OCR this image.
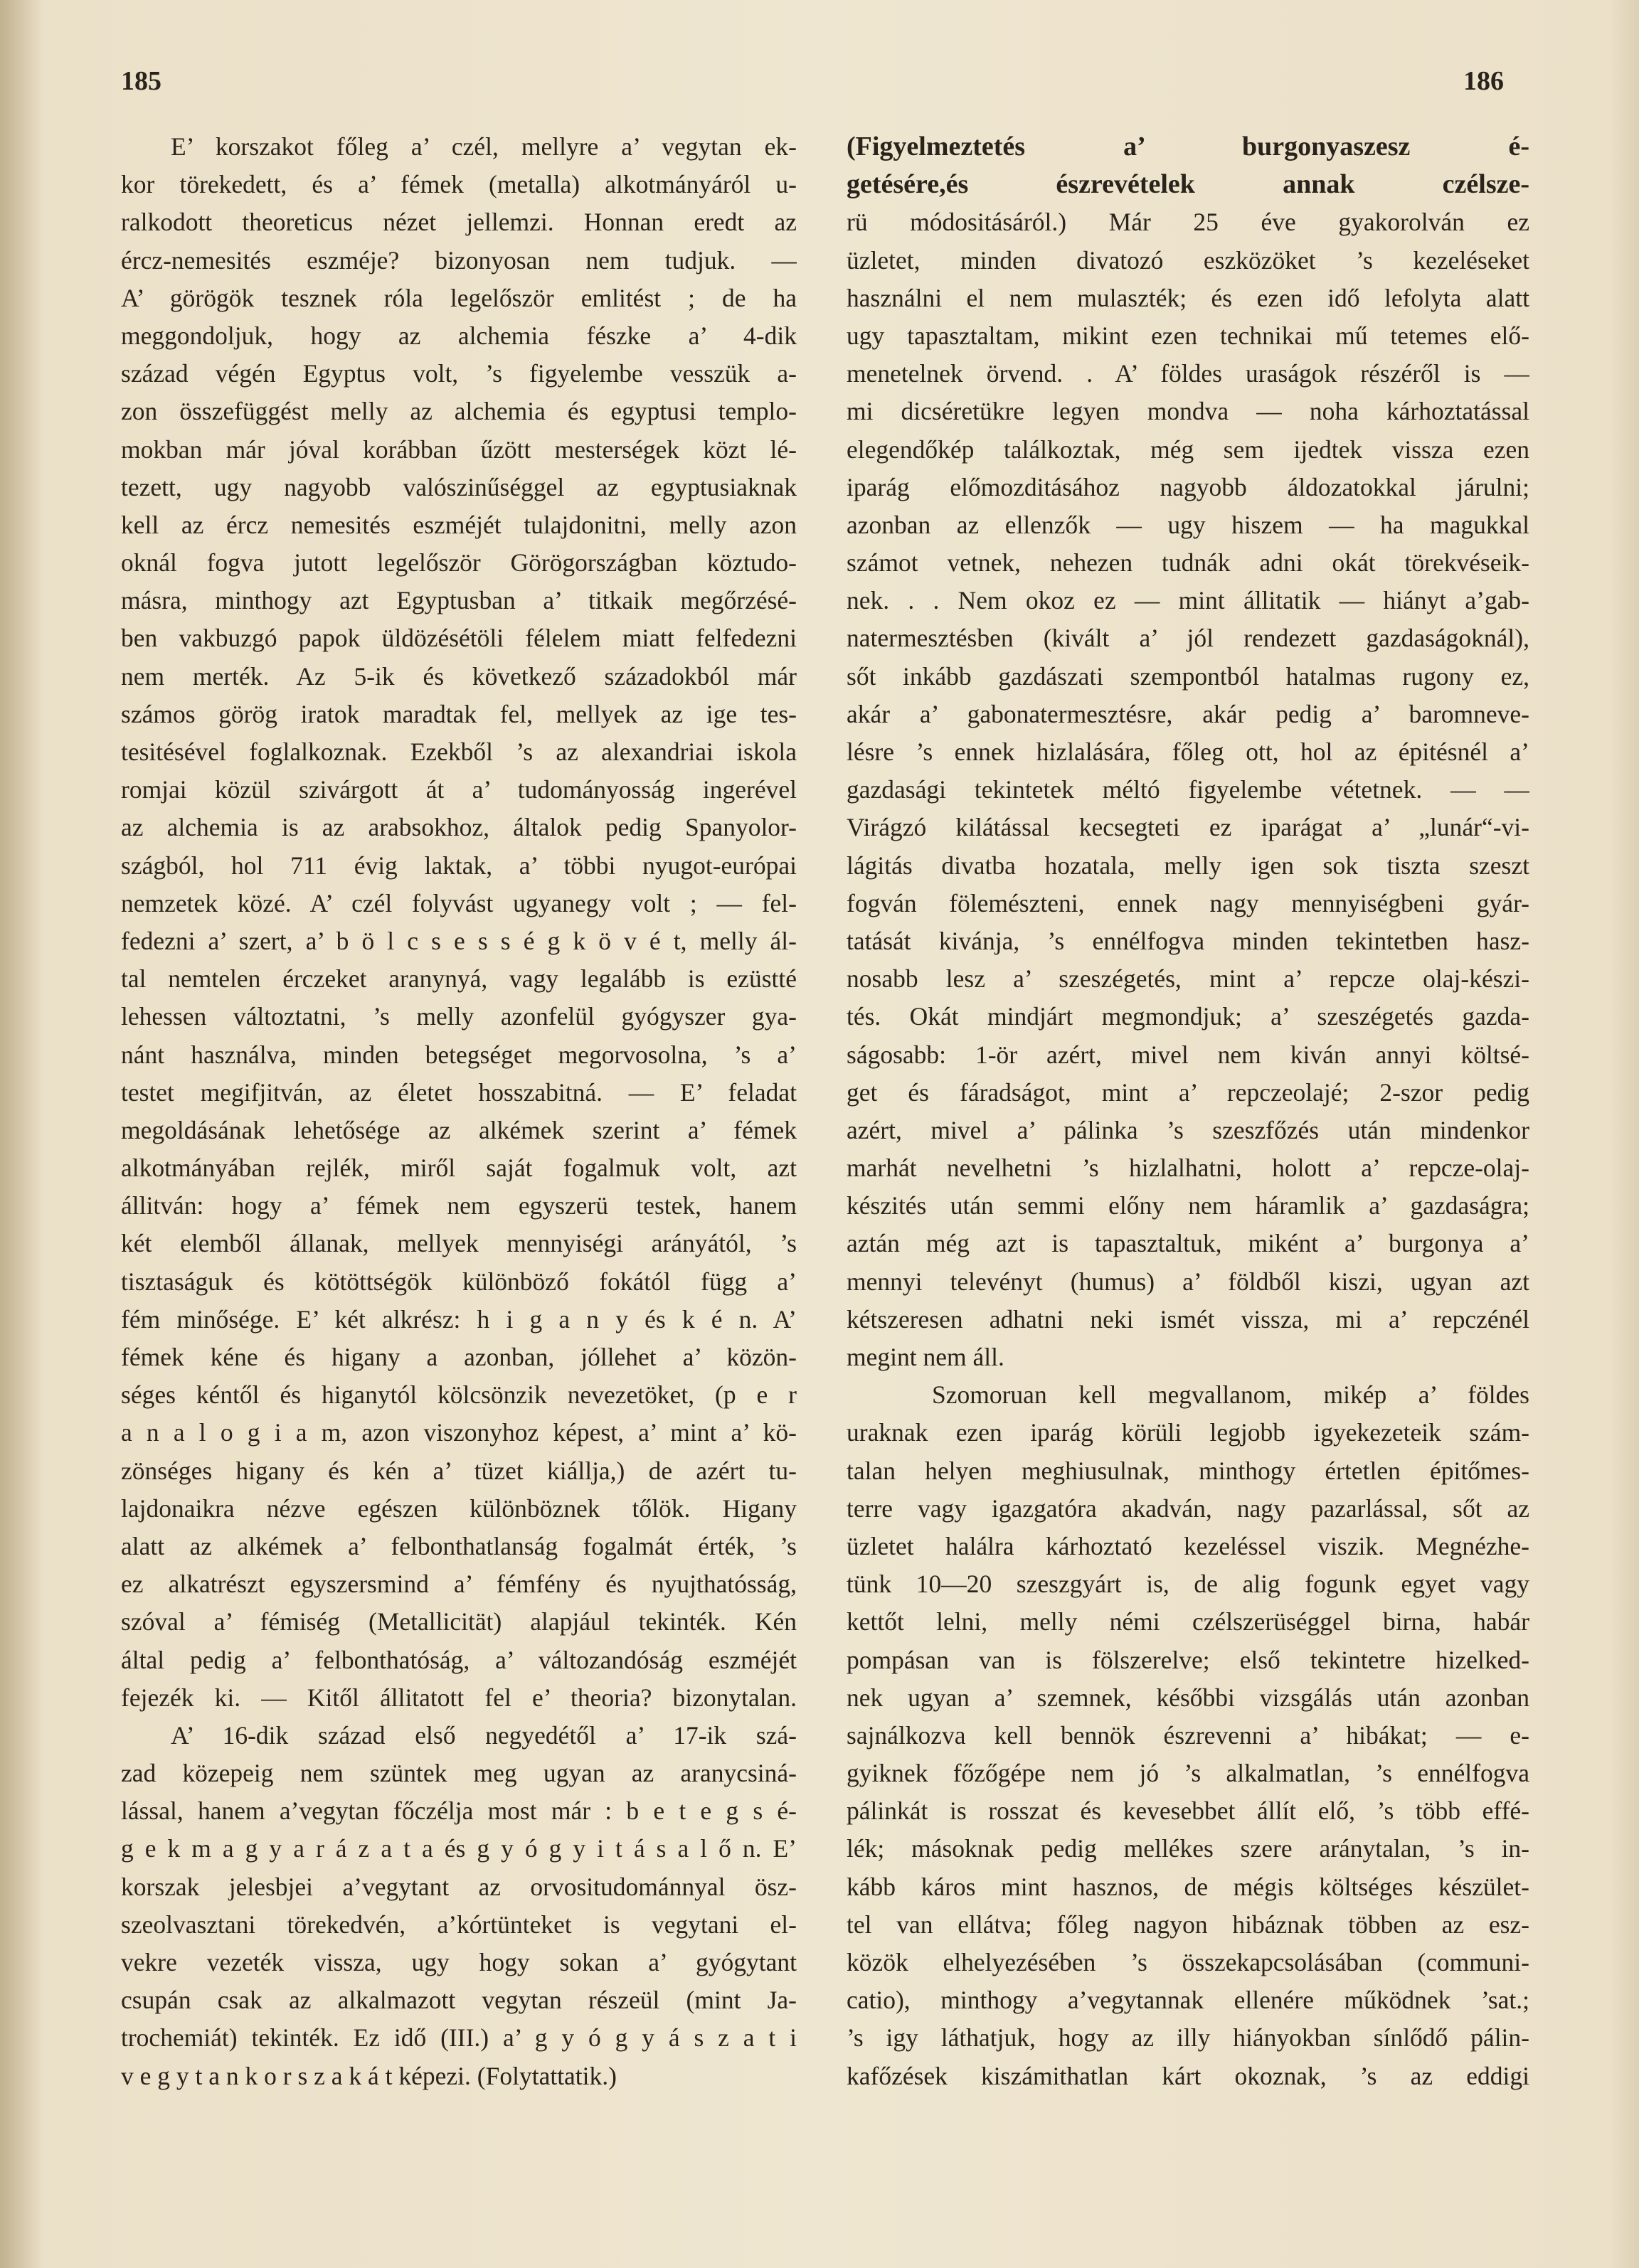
185	186
E’ korszakot főleg a’ czél, mellyre a’ vegytan ek-
kor törekedett, és a’ fémek (metalla) alkotmányáról u-
ralkodott theoreticus nézet jellemzi. Honnan eredt az
ércz-nemesités eszméje? bizonyosan nem tudjuk. —
A’ görögök tesznek róla legelőször emlitést ; de ha
meggondoljuk, hogy az alchemia fészke a’ 4-dik
század végén Egyptus volt, ’s figyelembe vesszük a-
zon összefüggést melly az alchemia és egyptusi templo-
mokban már jóval korábban űzött mesterségek közt lé-
tezett, ugy nagyobb valószinűséggel az egyptusiaknak
kell az ércz nemesités eszméjét tulajdonitni, melly azon
oknál fogva jutott legelőször Görögországban köztudo-
másra, minthogy azt Egyptusban a’ titkaik megőrzésé-
ben vakbuzgó papok üldözésétöli félelem miatt felfedezni
nem merték. Az 5-ik és következő századokból már
számos görög iratok maradtak fel, mellyek az ige tes-
tesitésével foglalkoznak. Ezekből ’s az alexandriai iskola
romjai közül szivárgott át a’ tudományosság ingerével
az alchemia is az arabsokhoz, általok pedig Spanyolor-
szágból, hol 711 évig laktak, a’ többi nyugot-európai
nemzetek közé. A’ czél folyvást ugyanegy volt ; — fel-
fedezni a’ szert, a’ b ö l c s e s s é g k ö v é t, melly ál-
tal nemtelen érczeket aranynyá, vagy legalább is ezüstté
lehessen változtatni, ’s melly azonfelül gyógyszer gya-
nánt használva, minden betegséget megorvosolna, ’s a’
testet megifjitván, az életet hosszabitná. — E’ feladat
megoldásának lehetősége az alkémek szerint a’ fémek
alkotmányában rejlék, miről saját fogalmuk volt, azt
állitván: hogy a’ fémek nem egyszerü testek, hanem
két elemből állanak, mellyek mennyiségi arányától, ’s
tisztaságuk és kötöttségök különböző fokától függ a’
fém minősége. E’ két alkrész: h i g a n y és k é n. A’
fémek kéne és higany a azonban, jóllehet a’ közön-
séges kéntől és higanytól kölcsönzik nevezetöket, (p e r
a n a l o g i a m, azon viszonyhoz képest, a’ mint a’ kö-
zönséges higany és kén a’ tüzet kiállja,) de azért tu-
lajdonaikra nézve egészen különböznek tőlök. Higany
alatt az alkémek a’ felbonthatlanság fogalmát érték, ’s
ez alkatrészt egyszersmind a’ fémfény és nyujthatósság,
szóval a’ fémiség (Metallicität) alapjául tekinték. Kén
által pedig a’ felbonthatóság, a’ változandóság eszméjét
fejezék ki. — Kitől állitatott fel e’ theoria? bizonytalan.
A’ 16-dik század első negyedétől a’ 17-ik szá-
zad közepeig nem szüntek meg ugyan az aranycsiná-
lással, hanem a’vegytan főczélja most már : b e t e g s é-
g e k m a g y a r á z a t a és g y ó g y i t á s a l ő n. E’
korszak jelesbjei a’vegytant az orvositudománnyal ösz-
szeolvasztani törekedvén, a’kórtünteket is vegytani el-
vekre vezeték vissza, ugy hogy sokan a’ gyógytant
csupán csak az alkalmazott vegytan részeül (mint Ja-
trochemiát) tekinték. Ez idő (III.) a’ g y ó g y á s z a t i
v e g y t a n k o r s z a k á t képezi. (Folytattatik.)
(Figyelmeztetés a’ burgonyaszesz é-
getésére,és észrevételek annak czélsze-
rü módositásáról.) Már 25 éve gyakorolván ez
üzletet, minden divatozó eszközöket ’s kezeléseket
használni el nem mulaszték; és ezen idő lefolyta alatt
ugy tapasztaltam, mikint ezen technikai mű tetemes elő-
menetelnek örvend. . A’ földes uraságok részéről is —
mi dicséretükre legyen mondva — noha kárhoztatással
elegendőkép találkoztak, még sem ijedtek vissza ezen
iparág előmozditásához nagyobb áldozatokkal járulni;
azonban az ellenzők — ugy hiszem — ha magukkal
számot vetnek, nehezen tudnák adni okát törekvéseik-
nek. . . Nem okoz ez — mint állitatik — hiányt a’gab-
natermesztésben (kivált a’ jól rendezett gazdaságoknál),
sőt inkább gazdászati szempontból hatalmas rugony ez,
akár a’ gabonatermesztésre, akár pedig a’ baromneve-
lésre ’s ennek hizlalására, főleg ott, hol az épitésnél a’
gazdasági tekintetek méltó figyelembe vétetnek. — —
Virágzó kilátással kecsegteti ez iparágat a’ „lunár“-vi-
lágitás divatba hozatala, melly igen sok tiszta szeszt
fogván fölemészteni, ennek nagy mennyiségbeni gyár-
tatását kivánja, ’s ennélfogva minden tekintetben hasz-
nosabb lesz a’ szeszégetés, mint a’ repcze olaj-készi-
tés. Okát mindjárt megmondjuk; a’ szeszégetés gazda-
ságosabb: 1-ör azért, mivel nem kiván annyi költsé-
get és fáradságot, mint a’ repczeolajé; 2-szor pedig
azért, mivel a’ pálinka ’s szeszfőzés után mindenkor
marhát nevelhetni ’s hizlalhatni, holott a’ repcze-olaj-
készités után semmi előny nem háramlik a’ gazdaságra;
aztán még azt is tapasztaltuk, miként a’ burgonya a’
mennyi televényt (humus) a’ földből kiszi, ugyan azt
kétszeresen adhatni neki ismét vissza, mi a’ repczénél
megint nem áll.
Szomoruan kell megvallanom, mikép a’ földes
uraknak ezen iparág körüli legjobb igyekezeteik szám-
talan helyen meghiusulnak, minthogy értetlen épitőmes-
terre vagy igazgatóra akadván, nagy pazarlással, sőt az
üzletet halálra kárhoztató kezeléssel viszik. Megnézhe-
tünk 10—20 szeszgyárt is, de alig fogunk egyet vagy
kettőt lelni, melly némi czélszerüséggel birna, habár
pompásan van is fölszerelve; első tekintetre hizelked-
nek ugyan a’ szemnek, későbbi vizsgálás után azonban
sajnálkozva kell bennök észrevenni a’ hibákat; — e-
gyiknek főzőgépe nem jó ’s alkalmatlan, ’s ennélfogva
pálinkát is rosszat és kevesebbet állít elő, ’s több effé-
lék; másoknak pedig mellékes szere aránytalan, ’s in-
kább káros mint hasznos, de mégis költséges készület-
tel van ellátva; főleg nagyon hibáznak többen az esz-
közök elhelyezésében ’s összekapcsolásában (communi-
catio), minthogy a’vegytannak ellenére működnek ’sat.;
’s igy láthatjuk, hogy az illy hiányokban sínlődő pálin-
kafőzések kiszámithatlan kárt okoznak, ’s az eddigi
